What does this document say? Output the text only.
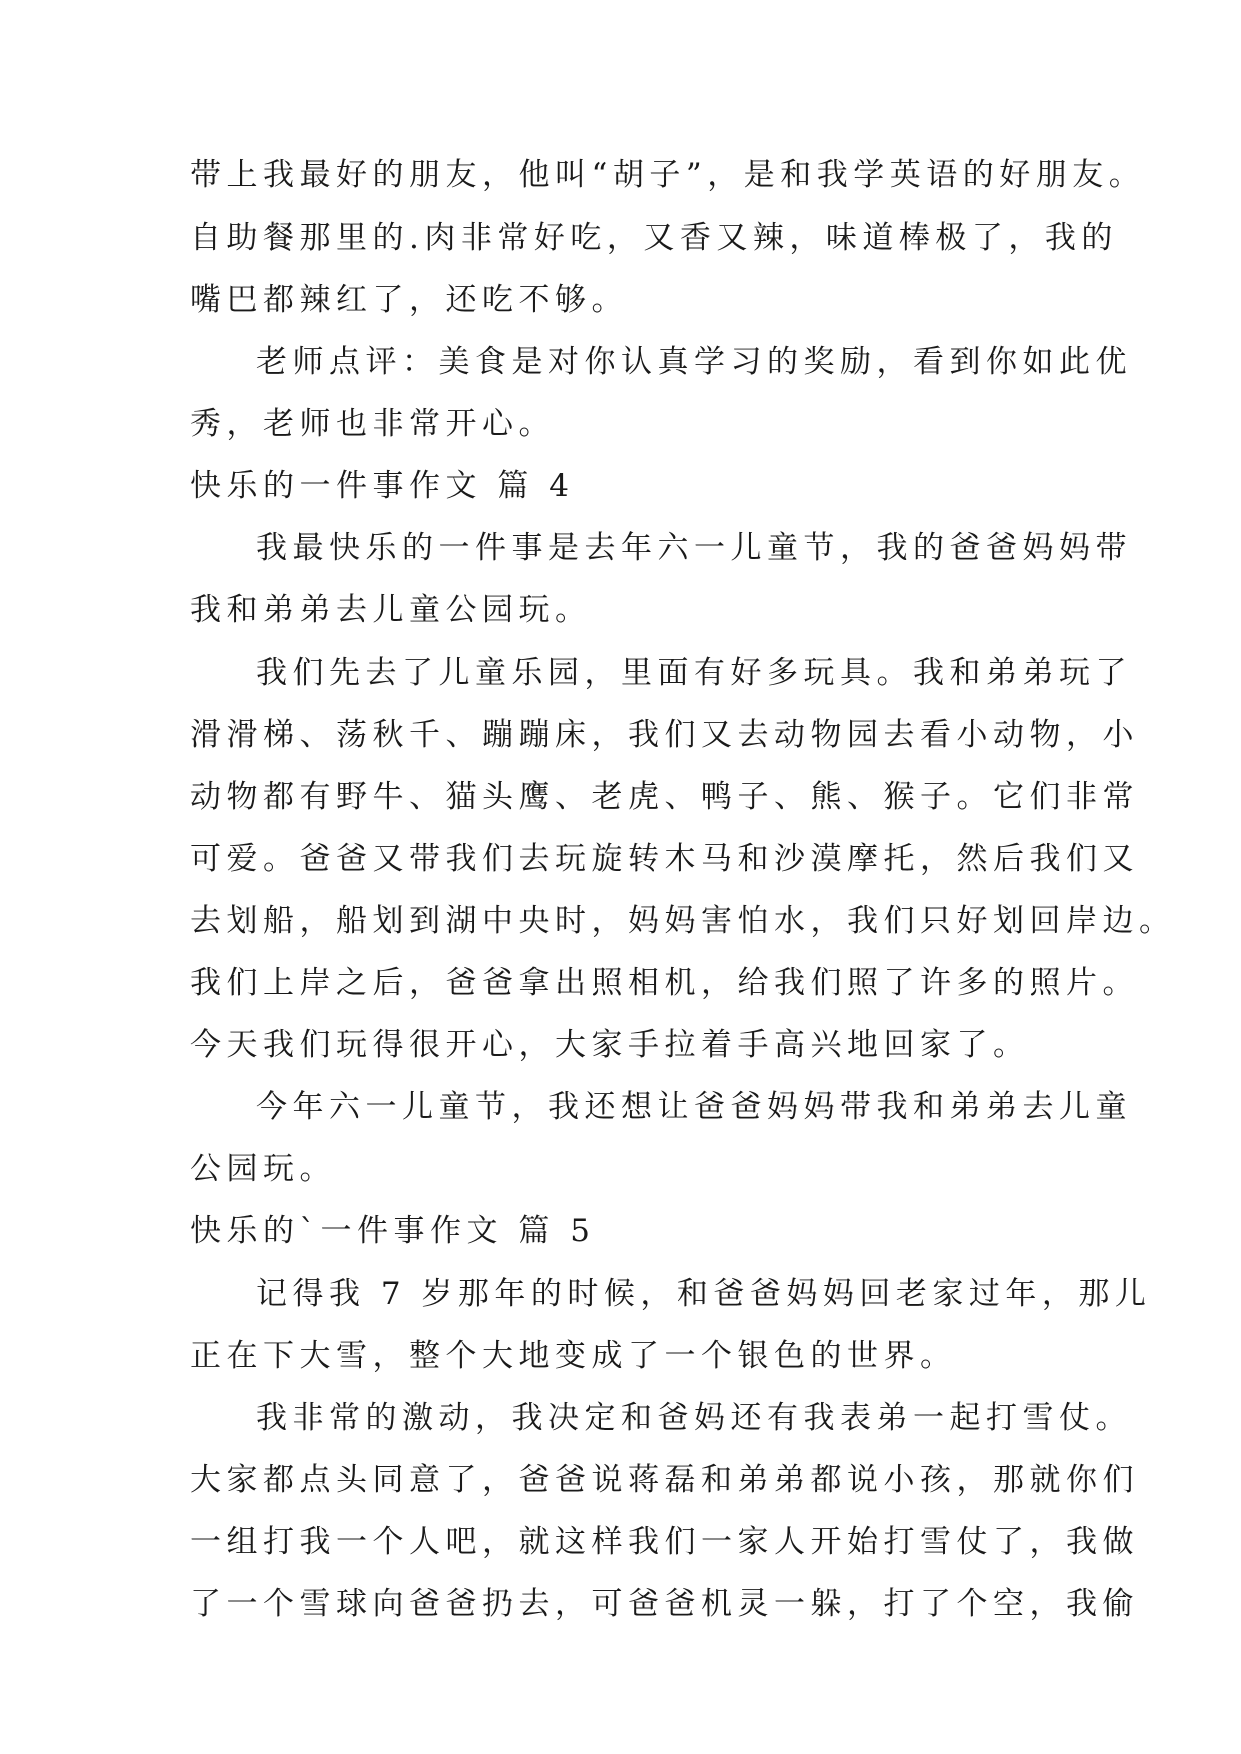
带上我最好的朋友，他叫“胡子”，是和我学英语的好朋友。
自助餐那里的.肉非常好吃，又香又辣，味道棒极了，我的
嘴巴都辣红了，还吃不够。
老师点评：美食是对你认真学习的奖励，看到你如此优
秀，老师也非常开心。
快乐的一件事作文 篇 4
我最快乐的一件事是去年六一儿童节，我的爸爸妈妈带
我和弟弟去儿童公园玩。
我们先去了儿童乐园，里面有好多玩具。我和弟弟玩了
滑滑梯、荡秋千、蹦蹦床，我们又去动物园去看小动物，小
动物都有野牛、猫头鹰、老虎、鸭子、熊、猴子。它们非常
可爱。爸爸又带我们去玩旋转木马和沙漠摩托，然后我们又
去划船，船划到湖中央时，妈妈害怕水，我们只好划回岸边。
我们上岸之后，爸爸拿出照相机，给我们照了许多的照片。
今天我们玩得很开心，大家手拉着手高兴地回家了。
今年六一儿童节，我还想让爸爸妈妈带我和弟弟去儿童
公园玩。
快乐的`一件事作文 篇 5
记得我 7 岁那年的时候，和爸爸妈妈回老家过年，那儿
正在下大雪，整个大地变成了一个银色的世界。
我非常的激动，我决定和爸妈还有我表弟一起打雪仗。
大家都点头同意了，爸爸说蒋磊和弟弟都说小孩，那就你们
一组打我一个人吧，就这样我们一家人开始打雪仗了，我做
了一个雪球向爸爸扔去，可爸爸机灵一躲，打了个空，我偷
